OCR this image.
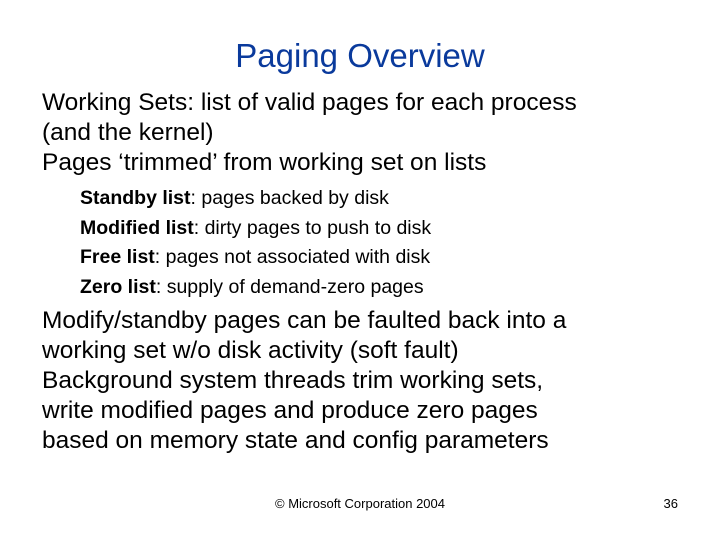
Paging Overview
Working Sets: list of valid pages for each process
(and the kernel)
Pages ‘trimmed’ from working set on lists
Standby list: pages backed by disk
Modified list: dirty pages to push to disk
Free list: pages not associated with disk
Zero list: supply of demand-zero pages
Modify/standby pages can be faulted back into a
working set w/o disk activity (soft fault)
Background system threads trim working sets,
write modified pages and produce zero pages
based on memory state and config parameters
© Microsoft Corporation 2004	36
